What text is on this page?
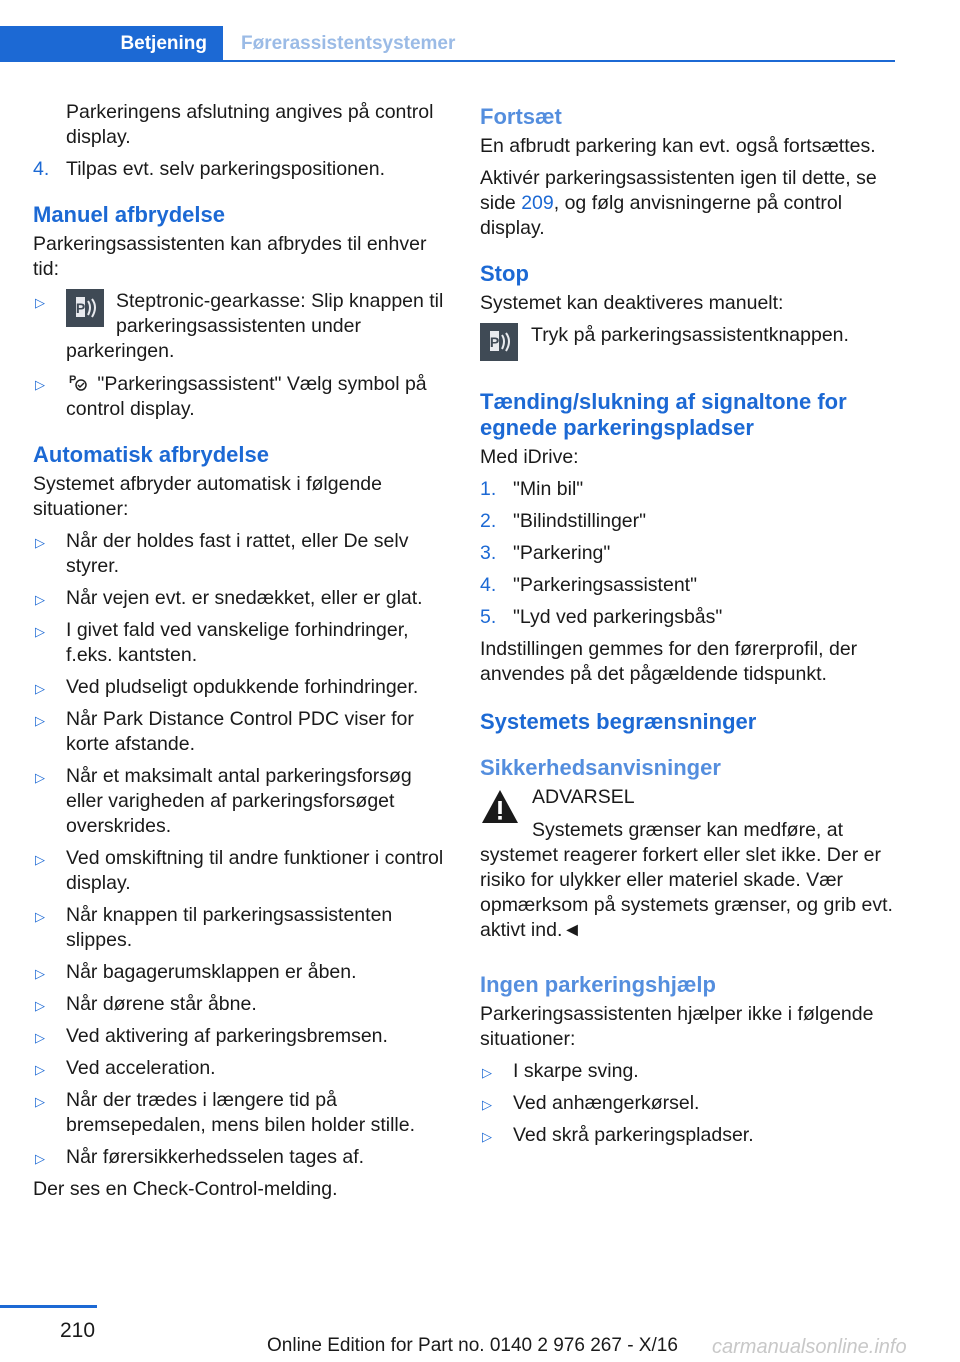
Betjening	Førerassistentsystemer

Parkeringens afslutning angives på control display.

4. Tilpas evt. selv parkeringspositionen.
Manuel afbrydelse

Parkeringsassistenten kan afbrydes til enhver tid:

▷ P Steptronic-gearkasse: Slip knappen til parkeringsassistenten under parkeringen.
▷ P "Parkeringsassistent" Vælg symbol på control display.
Automatisk afbrydelse

Systemet afbryder automatisk i følgende situationer:

▷ Når der holdes fast i rattet, eller De selv styrer.
▷ Når vejen evt. er snedækket, eller er glat.
▷ I givet fald ved vanskelige forhindringer, f.eks. kantsten.
▷ Ved pludseligt opdukkende forhindringer.
▷ Når Park Distance Control PDC viser for korte afstande.
▷ Når et maksimalt antal parkeringsforsøg eller varigheden af parkeringsforsøget overskrides.
▷ Ved omskiftning til andre funktioner i control display.
▷ Når knappen til parkeringsassistenten slippes.
▷ Når bagagerumsklappen er åben.
▷ Når dørene står åbne.
▷ Ved aktivering af parkeringsbremsen.
▷ Ved acceleration.
▷ Når der trædes i længere tid på bremsepedalen, mens bilen holder stille.
▷ Når førersikkerhedsselen tages af.

Der ses en Check-Control-melding.

Fortsæt

En afbrudt parkering kan evt. også fortsættes.

Aktivér parkeringsassistenten igen til dette, se side 209, og følg anvisningerne på control display.

Stop

Systemet kan deaktiveres manuelt:

P Tryk på parkeringsassistentknappen.
Tænding/slukning af signaltone for egnede parkeringspladser

Med iDrive:

1. "Min bil"
2. "Bilindstillinger"
3. "Parkering"
4. "Parkeringsassistent"
5. "Lyd ved parkeringsbås"

Indstillingen gemmes for den førerprofil, der anvendes på det pågældende tidspunkt.

Systemets begrænsninger
Sikkerhedsanvisninger
ADVARSEL

Systemets grænser kan medføre, at systemet reagerer forkert eller slet ikke. Der er risiko for ulykker eller materiel skade. Vær opmærksom på systemets grænser, og grib evt. aktivt ind.◄

Ingen parkeringshjælp

Parkeringsassistenten hjælper ikke i følgende situationer:

▷ I skarpe sving.
▷ Ved anhængerkørsel.
▷ Ved skrå parkeringspladser.
210
Online Edition for Part no. 0140 2 976 267 - X/16 carmanualsonline.info
